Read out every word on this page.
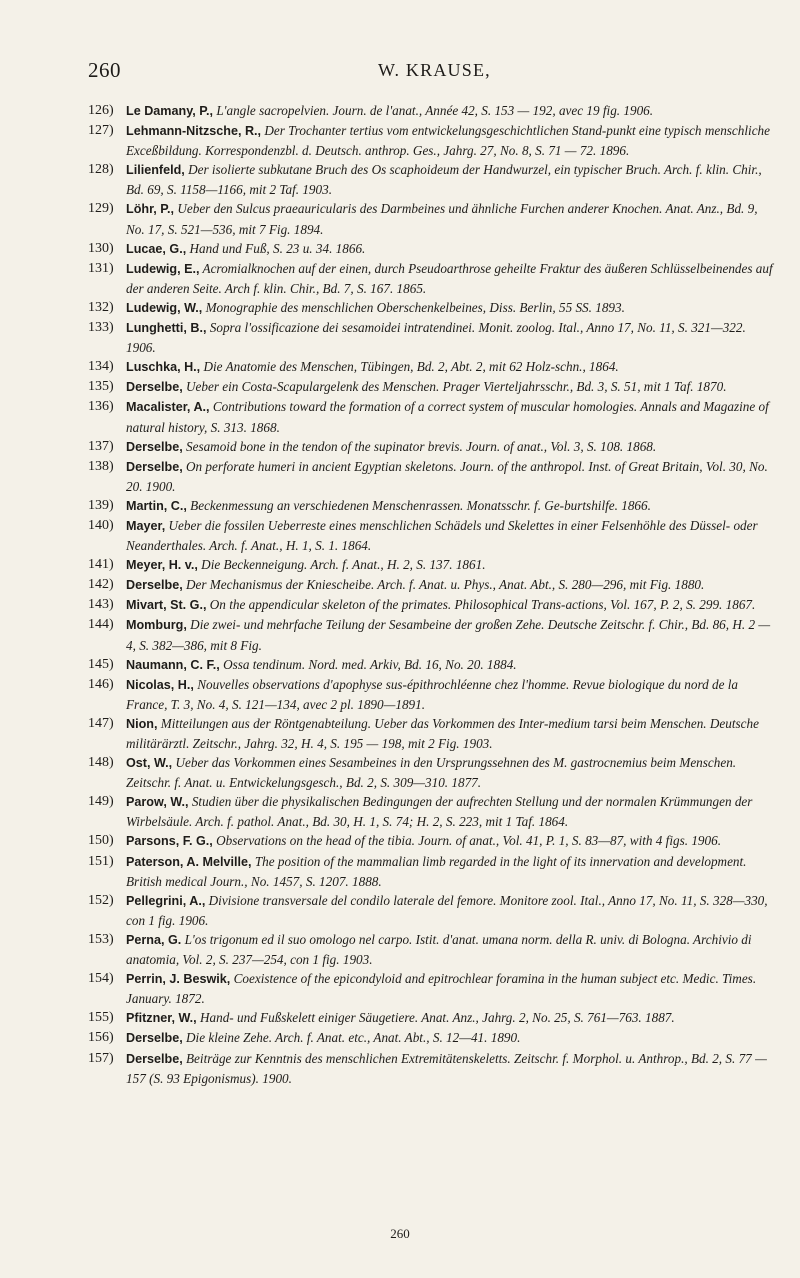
260	W. KRAUSE,
126) Le Damany, P., L'angle sacropelvien. Journ. de l'anat., Année 42, S. 153 — 192, avec 19 fig. 1906.
127) Lehmann-Nitzsche, R., Der Trochanter tertius vom entwickelungsgeschichtlichen Stand-punkt eine typisch menschliche Exceßbildung. Korrespondenzbl. d. Deutsch. anthrop. Ges., Jahrg. 27, No. 8, S. 71 — 72. 1896.
128) Lilienfeld, Der isolierte subkutane Bruch des Os scaphoideum der Handwurzel, ein typischer Bruch. Arch. f. klin. Chir., Bd. 69, S. 1158—1166, mit 2 Taf. 1903.
129) Löhr, P., Ueber den Sulcus praeauricularis des Darmbeines und ähnliche Furchen anderer Knochen. Anat. Anz., Bd. 9, No. 17, S. 521—536, mit 7 Fig. 1894.
130) Lucae, G., Hand und Fuß, S. 23 u. 34. 1866.
131) Ludewig, E., Acromialknochen auf der einen, durch Pseudoarthrose geheilte Fraktur des äußeren Schlüsselbeinendes auf der anderen Seite. Arch f. klin. Chir., Bd. 7, S. 167. 1865.
132) Ludewig, W., Monographie des menschlichen Oberschenkelbeines, Diss. Berlin, 55 SS. 1893.
133) Lunghetti, B., Sopra l'ossificazione dei sesamoidei intratendinei. Monit. zoolog. Ital., Anno 17, No. 11, S. 321—322. 1906.
134) Luschka, H., Die Anatomie des Menschen, Tübingen, Bd. 2, Abt. 2, mit 62 Holz-schn., 1864.
135) Derselbe, Ueber ein Costa-Scapulargelenk des Menschen. Prager Vierteljahrsschr., Bd. 3, S. 51, mit 1 Taf. 1870.
136) Macalister, A., Contributions toward the formation of a correct system of muscular homologies. Annals and Magazine of natural history, S. 313. 1868.
137) Derselbe, Sesamoid bone in the tendon of the supinator brevis. Journ. of anat., Vol. 3, S. 108. 1868.
138) Derselbe, On perforate humeri in ancient Egyptian skeletons. Journ. of the anthropol. Inst. of Great Britain, Vol. 30, No. 20. 1900.
139) Martin, C., Beckenmessung an verschiedenen Menschenrassen. Monatsschr. f. Ge-burtshilfe. 1866.
140) Mayer, Ueber die fossilen Ueberreste eines menschlichen Schädels und Skelettes in einer Felsenhöhle des Düssel- oder Neanderthales. Arch. f. Anat., H. 1, S. 1. 1864.
141) Meyer, H. v., Die Beckenneigung. Arch. f. Anat., H. 2, S. 137. 1861.
142) Derselbe, Der Mechanismus der Kniescheibe. Arch. f. Anat. u. Phys., Anat. Abt., S. 280—296, mit Fig. 1880.
143) Mivart, St. G., On the appendicular skeleton of the primates. Philosophical Trans-actions, Vol. 167, P. 2, S. 299. 1867.
144) Momburg, Die zwei- und mehrfache Teilung der Sesambeine der großen Zehe. Deutsche Zeitschr. f. Chir., Bd. 86, H. 2 — 4, S. 382—386, mit 8 Fig.
145) Naumann, C. F., Ossa tendinum. Nord. med. Arkiv, Bd. 16, No. 20. 1884.
146) Nicolas, H., Nouvelles observations d'apophyse sus-épithrochléenne chez l'homme. Revue biologique du nord de la France, T. 3, No. 4, S. 121—134, avec 2 pl. 1890—1891.
147) Nion, Mitteilungen aus der Röntgenabteilung. Ueber das Vorkommen des Inter-medium tarsi beim Menschen. Deutsche militärärztl. Zeitschr., Jahrg. 32, H. 4, S. 195 — 198, mit 2 Fig. 1903.
148) Ost, W., Ueber das Vorkommen eines Sesambeines in den Ursprungssehnen des M. gastrocnemius beim Menschen. Zeitschr. f. Anat. u. Entwickelungsgesch., Bd. 2, S. 309—310. 1877.
149) Parow, W., Studien über die physikalischen Bedingungen der aufrechten Stellung und der normalen Krümmungen der Wirbelsäule. Arch. f. pathol. Anat., Bd. 30, H. 1, S. 74; H. 2, S. 223, mit 1 Taf. 1864.
150) Parsons, F. G., Observations on the head of the tibia. Journ. of anat., Vol. 41, P. 1, S. 83—87, with 4 figs. 1906.
151) Paterson, A. Melville, The position of the mammalian limb regarded in the light of its innervation and development. British medical Journ., No. 1457, S. 1207. 1888.
152) Pellegrini, A., Divisione transversale del condilo laterale del femore. Monitore zool. Ital., Anno 17, No. 11, S. 328—330, con 1 fig. 1906.
153) Perna, G. L'os trigonum ed il suo omologo nel carpo. Istit. d'anat. umana norm. della R. univ. di Bologna. Archivio di anatomia, Vol. 2, S. 237—254, con 1 fig. 1903.
154) Perrin, J. Beswik, Coexistence of the epicondyloid and epitrochlear foramina in the human subject etc. Medic. Times. January. 1872.
155) Pfitzner, W., Hand- und Fußskelett einiger Säugetiere. Anat. Anz., Jahrg. 2, No. 25, S. 761—763. 1887.
156) Derselbe, Die kleine Zehe. Arch. f. Anat. etc., Anat. Abt., S. 12—41. 1890.
157) Derselbe, Beiträge zur Kenntnis des menschlichen Extremitätenskeletts. Zeitschr. f. Morphol. u. Anthrop., Bd. 2, S. 77 — 157 (S. 93 Epigonismus). 1900.
260
